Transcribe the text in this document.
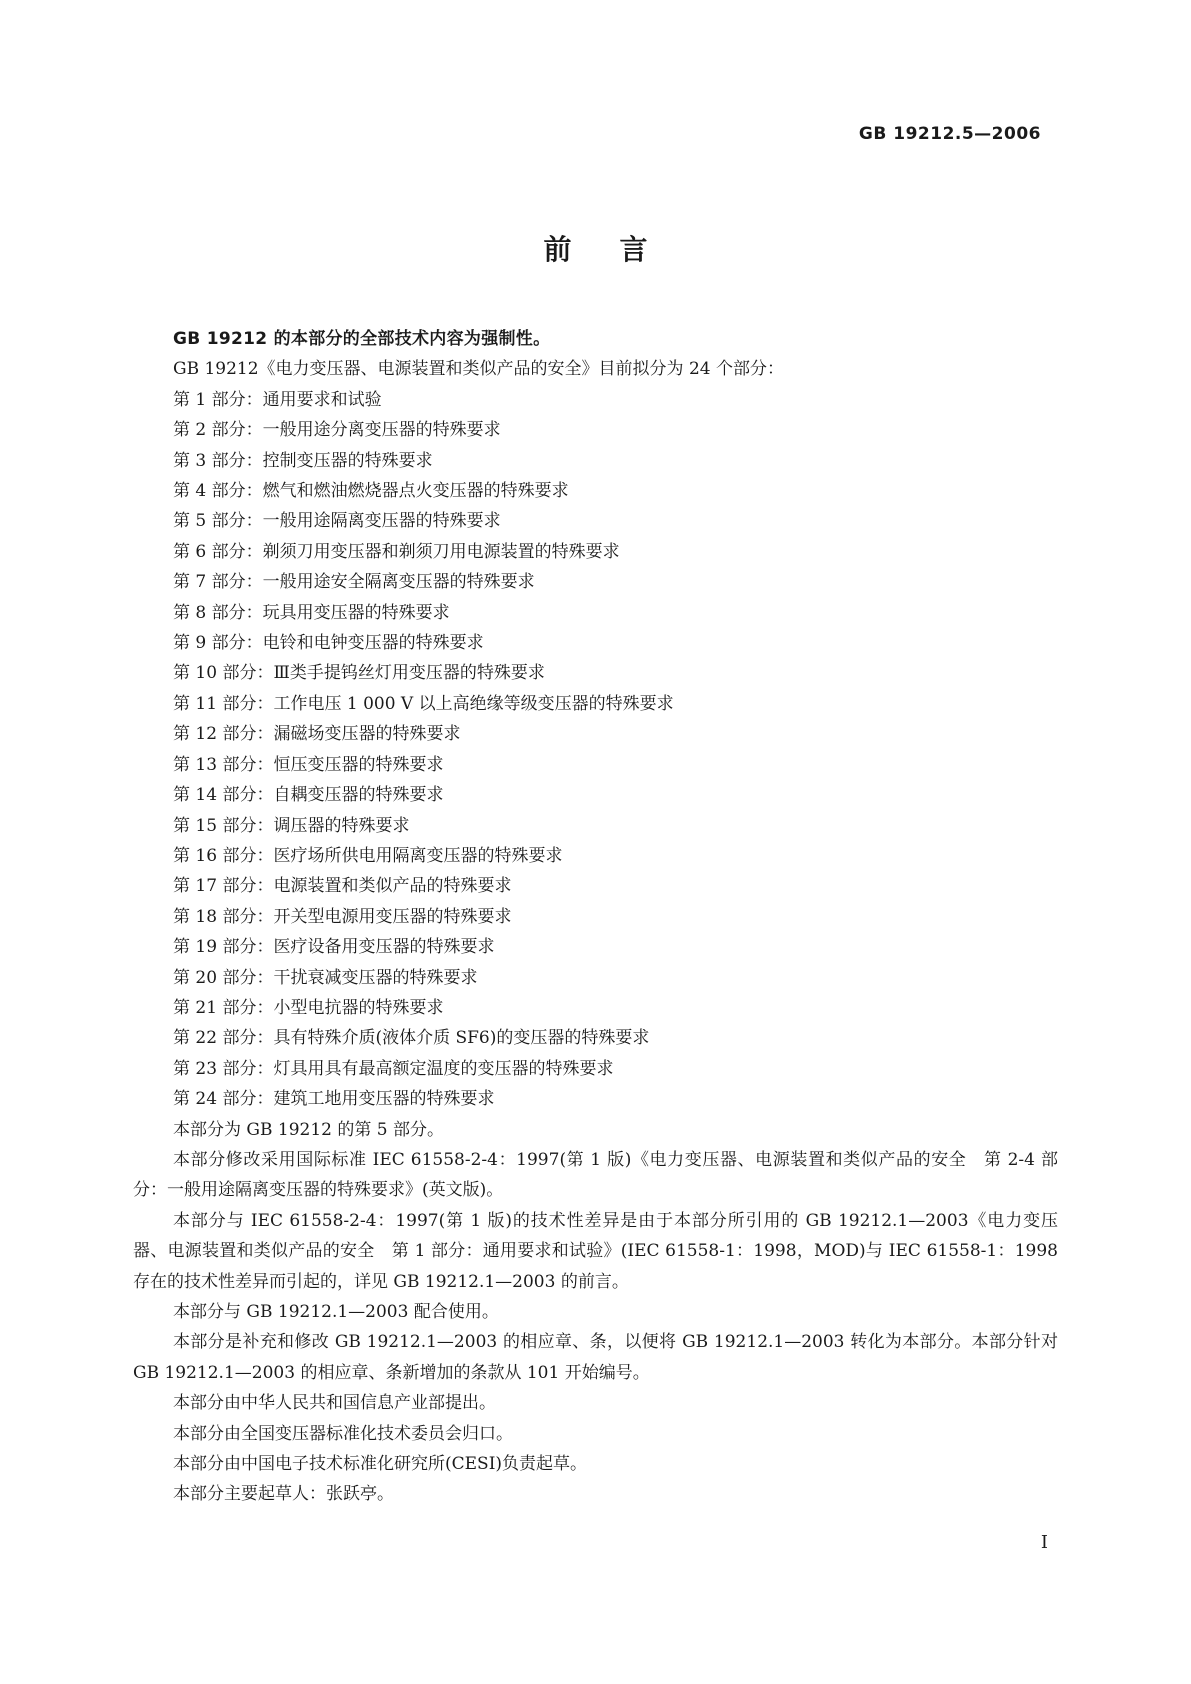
GB 19212.5—2006
前言

GB 19212 的本部分的全部技术内容为强制性。

GB 19212《电力变压器、电源装置和类似产品的安全》目前拟分为 24 个部分：

第 1 部分：通用要求和试验

第 2 部分：一般用途分离变压器的特殊要求

第 3 部分：控制变压器的特殊要求

第 4 部分：燃气和燃油燃烧器点火变压器的特殊要求

第 5 部分：一般用途隔离变压器的特殊要求

第 6 部分：剃须刀用变压器和剃须刀用电源装置的特殊要求

第 7 部分：一般用途安全隔离变压器的特殊要求

第 8 部分：玩具用变压器的特殊要求

第 9 部分：电铃和电钟变压器的特殊要求

第 10 部分：Ⅲ类手提钨丝灯用变压器的特殊要求

第 11 部分：工作电压 1 000 V 以上高绝缘等级变压器的特殊要求

第 12 部分：漏磁场变压器的特殊要求

第 13 部分：恒压变压器的特殊要求

第 14 部分：自耦变压器的特殊要求

第 15 部分：调压器的特殊要求

第 16 部分：医疗场所供电用隔离变压器的特殊要求

第 17 部分：电源装置和类似产品的特殊要求

第 18 部分：开关型电源用变压器的特殊要求

第 19 部分：医疗设备用变压器的特殊要求

第 20 部分：干扰衰减变压器的特殊要求

第 21 部分：小型电抗器的特殊要求

第 22 部分：具有特殊介质(液体介质 SF6)的变压器的特殊要求

第 23 部分：灯具用具有最高额定温度的变压器的特殊要求

第 24 部分：建筑工地用变压器的特殊要求

本部分为 GB 19212 的第 5 部分。

本部分修改采用国际标准 IEC 61558-2-4：1997(第 1 版)《电力变压器、电源装置和类似产品的安全　第 2-4 部分：一般用途隔离变压器的特殊要求》(英文版)。

本部分与 IEC 61558-2-4：1997(第 1 版)的技术性差异是由于本部分所引用的 GB 19212.1—2003《电力变压器、电源装置和类似产品的安全　第 1 部分：通用要求和试验》(IEC 61558-1：1998，MOD)与 IEC 61558-1：1998 存在的技术性差异而引起的，详见 GB 19212.1—2003 的前言。

本部分与 GB 19212.1—2003 配合使用。

本部分是补充和修改 GB 19212.1—2003 的相应章、条，以便将 GB 19212.1—2003 转化为本部分。本部分针对 GB 19212.1—2003 的相应章、条新增加的条款从 101 开始编号。

本部分由中华人民共和国信息产业部提出。

本部分由全国变压器标准化技术委员会归口。

本部分由中国电子技术标准化研究所(CESI)负责起草。

本部分主要起草人：张跃亭。

I
